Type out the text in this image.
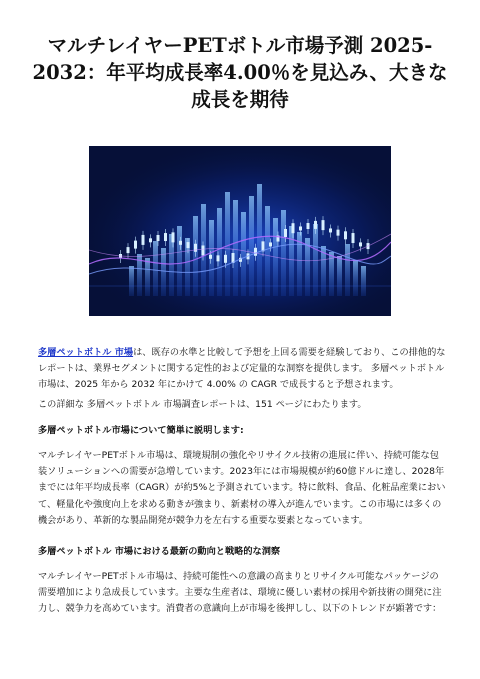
マルチレイヤーPETボトル市場予測 2025-2032：年平均成長率4.00％を見込み、大きな成長を期待

多層ペットボトル 市場は、既存の水準と比較して予想を上回る需要を経験しており、この排他的なレポートは、業界セグメントに関する定性的および定量的な洞察を提供します。 多層ペットボトル 市場は、2025 年から 2032 年にかけて 4.00% の CAGR で成長すると予想されます。

この詳細な 多層ペットボトル 市場調査レポートは、151 ページにわたります。

多層ペットボトル市場について簡単に説明します:

マルチレイヤーPETボトル市場は、環境規制の強化やリサイクル技術の進展に伴い、持続可能な包装ソリューションへの需要が急増しています。2023年には市場規模が約60億ドルに達し、2028年までには年平均成長率（CAGR）が約5%と予測されています。特に飲料、食品、化粧品産業において、軽量化や強度向上を求める動きが強まり、新素材の導入が進んでいます。この市場には多くの機会があり、革新的な製品開発が競争力を左右する重要な要素となっています。

多層ペットボトル 市場における最新の動向と戦略的な洞察

マルチレイヤーPETボトル市場は、持続可能性への意識の高まりとリサイクル可能なパッケージの需要増加により急成長しています。主要な生産者は、環境に優しい素材の採用や新技術の開発に注力し、競争力を高めています。消費者の意識向上が市場を後押しし、以下のトレンドが顕著です：
